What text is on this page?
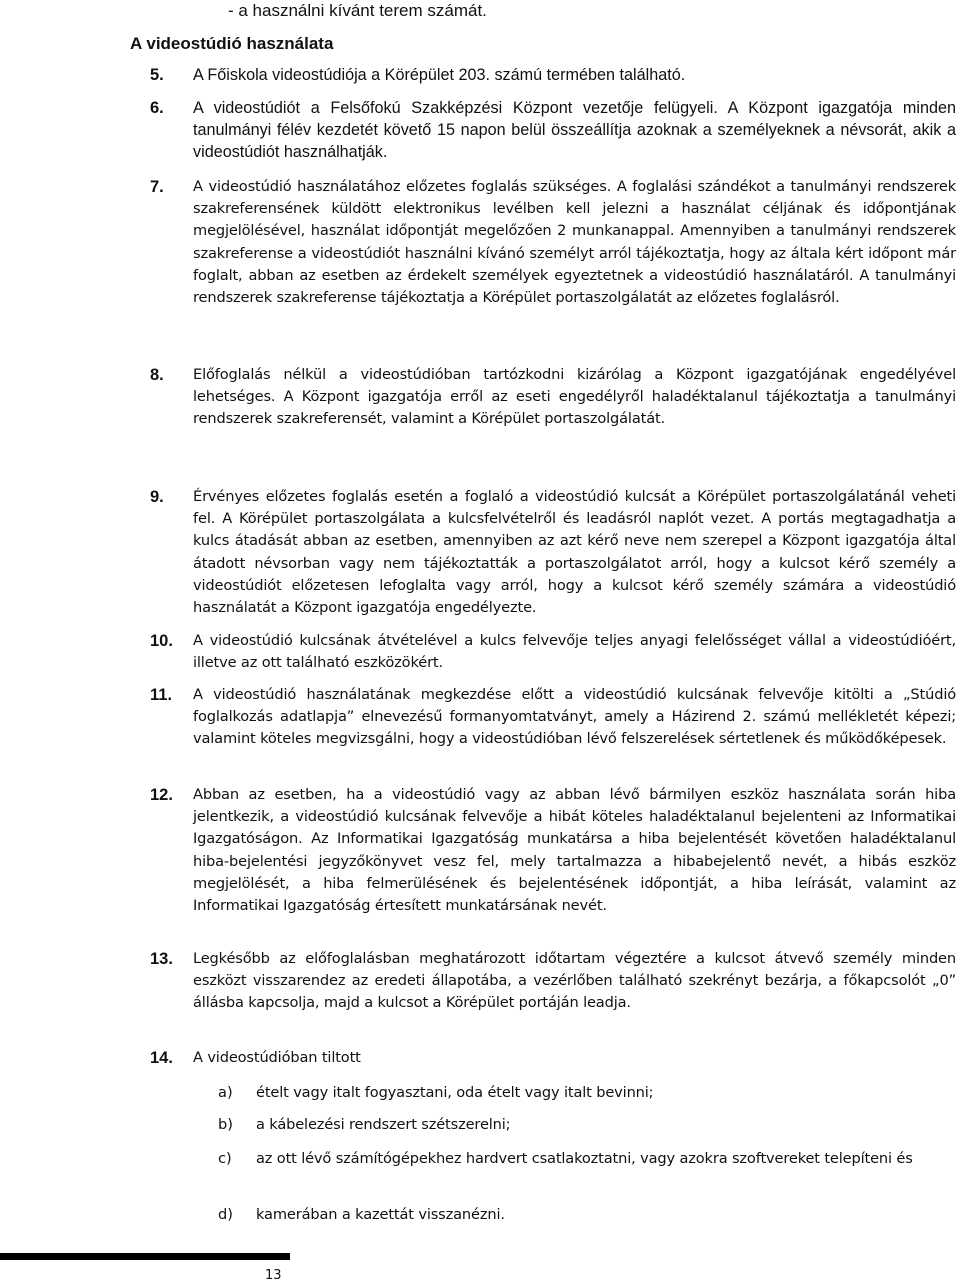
- a használni kívánt terem számát.
A videostúdió használata
5. A Főiskola videostúdiója a Körépület 203. számú termében található.
6. A videostúdiót a Felsőfokú Szakképzési Központ vezetője felügyeli. A Központ igazgatója minden tanulmányi félév kezdetét követő 15 napon belül összeállítja azoknak a személyeknek a névsorát, akik a videostúdiót használhatják.
7. A videostúdió használatához előzetes foglalás szükséges. A foglalási szándékot a tanulmányi rendszerek szakreferensének küldött elektronikus levélben kell jelezni a használat céljának és időpontjának megjelölésével, használat időpontját megelőzően 2 munkanappal. Amennyiben a tanulmányi rendszerek szakreferense a videostúdiót használni kívánó személyt arról tájékoztatja, hogy az általa kért időpont már foglalt, abban az esetben az érdekelt személyek egyeztetnek a videostúdió használatáról. A tanulmányi rendszerek szakreferense tájékoztatja a Körépület portaszolgálatát az előzetes foglalásról.
8. Előfoglalás nélkül a videostúdióban tartózkodni kizárólag a Központ igazgatójának engedélyével lehetséges. A Központ igazgatója erről az eseti engedélyről haladéktalanul tájékoztatja a tanulmányi rendszerek szakreferensét, valamint a Körépület portaszolgálatát.
9. Érvényes előzetes foglalás esetén a foglaló a videostúdió kulcsát a Körépület portaszolgálatánál veheti fel. A Körépület portaszolgálata a kulcsfelvételről és leadásról naplót vezet. A portás megtagadhatja a kulcs átadását abban az esetben, amennyiben az azt kérő neve nem szerepel a Központ igazgatója által átadott névsorban vagy nem tájékoztatták a portaszolgálatot arról, hogy a kulcsot kérő személy a videostúdiót előzetesen lefoglalta vagy arról, hogy a kulcsot kérő személy számára a videostúdió használatát a Központ igazgatója engedélyezte.
10. A videostúdió kulcsának átvételével a kulcs felvevője teljes anyagi felelősséget vállal a videostúdióért, illetve az ott található eszközökért.
11. A videostúdió használatának megkezdése előtt a videostúdió kulcsának felvevője kitölti a „Stúdió foglalkozás adatlapja” elnevezésű formanyomtatványt, amely a Házirend 2. számú mellékletét képezi; valamint köteles megvizsgálni, hogy a videostúdióban lévő felszerelések sértetlenek és működőképesek.
12. Abban az esetben, ha a videostúdió vagy az abban lévő bármilyen eszköz használata során hiba jelentkezik, a videostúdió kulcsának felvevője a hibát köteles haladéktalanul bejelenteni az Informatikai Igazgatóságon. Az Informatikai Igazgatóság munkatársa a hiba bejelentését követően haladéktalanul hiba-bejelentési jegyzőkönyvet vesz fel, mely tartalmazza a hibabejelentő nevét, a hibás eszköz megjelölését, a hiba felmerülésének és bejelentésének időpontját, a hiba leírását, valamint az Informatikai Igazgatóság értesített munkatársának nevét.
13. Legkésőbb az előfoglalásban meghatározott időtartam végeztére a kulcsot átvevő személy minden eszközt visszarendez az eredeti állapotába, a vezérlőben található szekrényt bezárja, a főkapcsolót „0” állásba kapcsolja, majd a kulcsot a Körépület portáján leadja.
14. A videostúdióban tiltott
a) ételt vagy italt fogyasztani, oda ételt vagy italt bevinni;
b) a kábelezési rendszert szétszerelni;
c) az ott lévő számítógépekhez hardvert csatlakoztatni, vagy azokra szoftvereket telepíteni és
d) kamerában a kazettát visszanézni.
13
